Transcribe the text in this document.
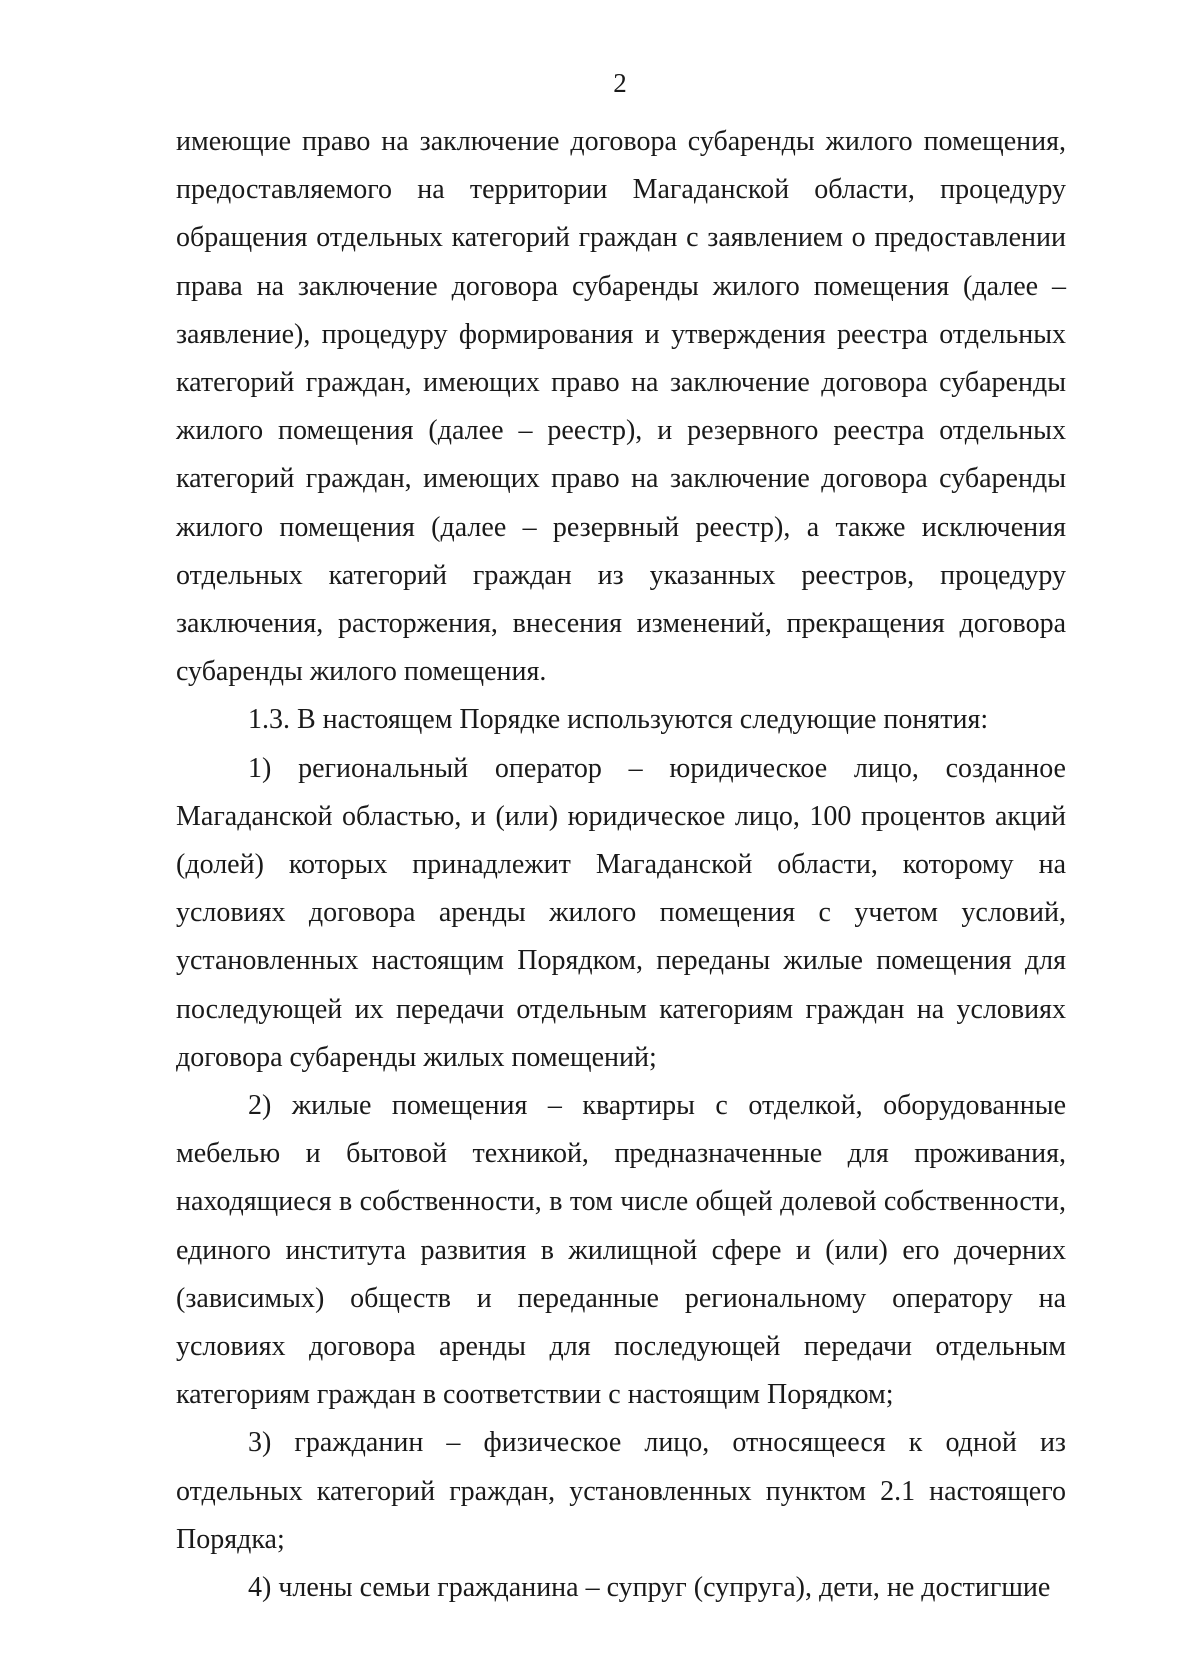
2

имеющие право на заключение договора субаренды жилого помещения, предоставляемого на территории Магаданской области, процедуру обращения отдельных категорий граждан с заявлением о предоставлении права на заключение договора субаренды жилого помещения (далее – заявление), процедуру формирования и утверждения реестра отдельных категорий граждан, имеющих право на заключение договора субаренды жилого помещения (далее – реестр), и резервного реестра отдельных категорий граждан, имеющих право на заключение договора субаренды жилого помещения (далее – резервный реестр), а также исключения отдельных категорий граждан из указанных реестров, процедуру заключения, расторжения, внесения изменений, прекращения договора субаренды жилого помещения.

1.3. В настоящем Порядке используются следующие понятия:

1) региональный оператор – юридическое лицо, созданное Магаданской областью, и (или) юридическое лицо, 100 процентов акций (долей) которых принадлежит Магаданской области, которому на условиях договора аренды жилого помещения с учетом условий, установленных настоящим Порядком, переданы жилые помещения для последующей их передачи отдельным категориям граждан на условиях договора субаренды жилых помещений;

2) жилые помещения – квартиры с отделкой, оборудованные мебелью и бытовой техникой, предназначенные для проживания, находящиеся в собственности, в том числе общей долевой собственности, единого института развития в жилищной сфере и (или) его дочерних (зависимых) обществ и переданные региональному оператору на условиях договора аренды для последующей передачи отдельным категориям граждан в соответствии с настоящим Порядком;

3) гражданин – физическое лицо, относящееся к одной из отдельных категорий граждан, установленных пунктом 2.1 настоящего Порядка;

4) члены семьи гражданина – супруг (супруга), дети, не достигшие
